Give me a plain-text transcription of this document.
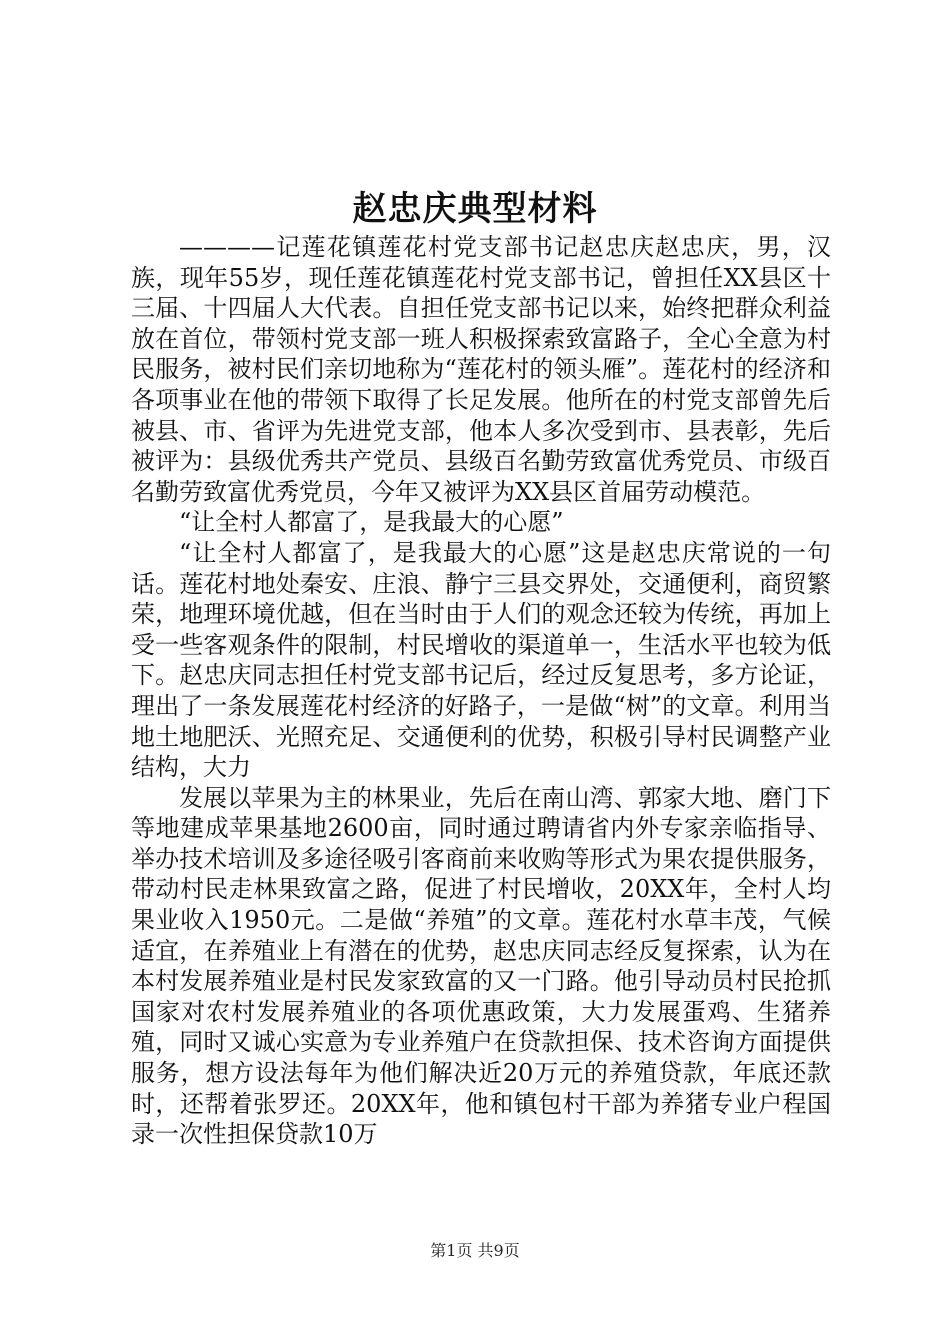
赵忠庆典型材料

————记莲花镇莲花村党支部书记赵忠庆赵忠庆，男，汉族，现年55岁，现任莲花镇莲花村党支部书记，曾担任XX县区十三届、十四届人大代表。自担任党支部书记以来，始终把群众利益放在首位，带领村党支部一班人积极探索致富路子，全心全意为村民服务，被村民们亲切地称为“莲花村的领头雁”。莲花村的经济和各项事业在他的带领下取得了长足发展。他所在的村党支部曾先后被县、市、省评为先进党支部，他本人多次受到市、县表彰，先后被评为：县级优秀共产党员、县级百名勤劳致富优秀党员、市级百名勤劳致富优秀党员，今年又被评为XX县区首届劳动模范。

“让全村人都富了，是我最大的心愿”

“让全村人都富了，是我最大的心愿”这是赵忠庆常说的一句话。莲花村地处秦安、庄浪、静宁三县交界处，交通便利，商贸繁荣，地理环境优越，但在当时由于人们的观念还较为传统，再加上受一些客观条件的限制，村民增收的渠道单一，生活水平也较为低下。赵忠庆同志担任村党支部书记后，经过反复思考，多方论证，理出了一条发展莲花村经济的好路子，一是做“树”的文章。利用当地土地肥沃、光照充足、交通便利的优势，积极引导村民调整产业结构，大力

发展以苹果为主的林果业，先后在南山湾、郭家大地、磨门下等地建成苹果基地2600亩，同时通过聘请省内外专家亲临指导、举办技术培训及多途径吸引客商前来收购等形式为果农提供服务，带动村民走林果致富之路，促进了村民增收，20XX年，全村人均果业收入1950元。二是做“养殖”的文章。莲花村水草丰茂，气候适宜，在养殖业上有潜在的优势，赵忠庆同志经反复探索，认为在本村发展养殖业是村民发家致富的又一门路。他引导动员村民抢抓国家对农村发展养殖业的各项优惠政策，大力发展蛋鸡、生猪养殖，同时又诚心实意为专业养殖户在贷款担保、技术咨询方面提供服务，想方设法每年为他们解决近20万元的养殖贷款，年底还款时，还帮着张罗还。20XX年，他和镇包村干部为养猪专业户程国录一次性担保贷款10万

第1页 共9页
